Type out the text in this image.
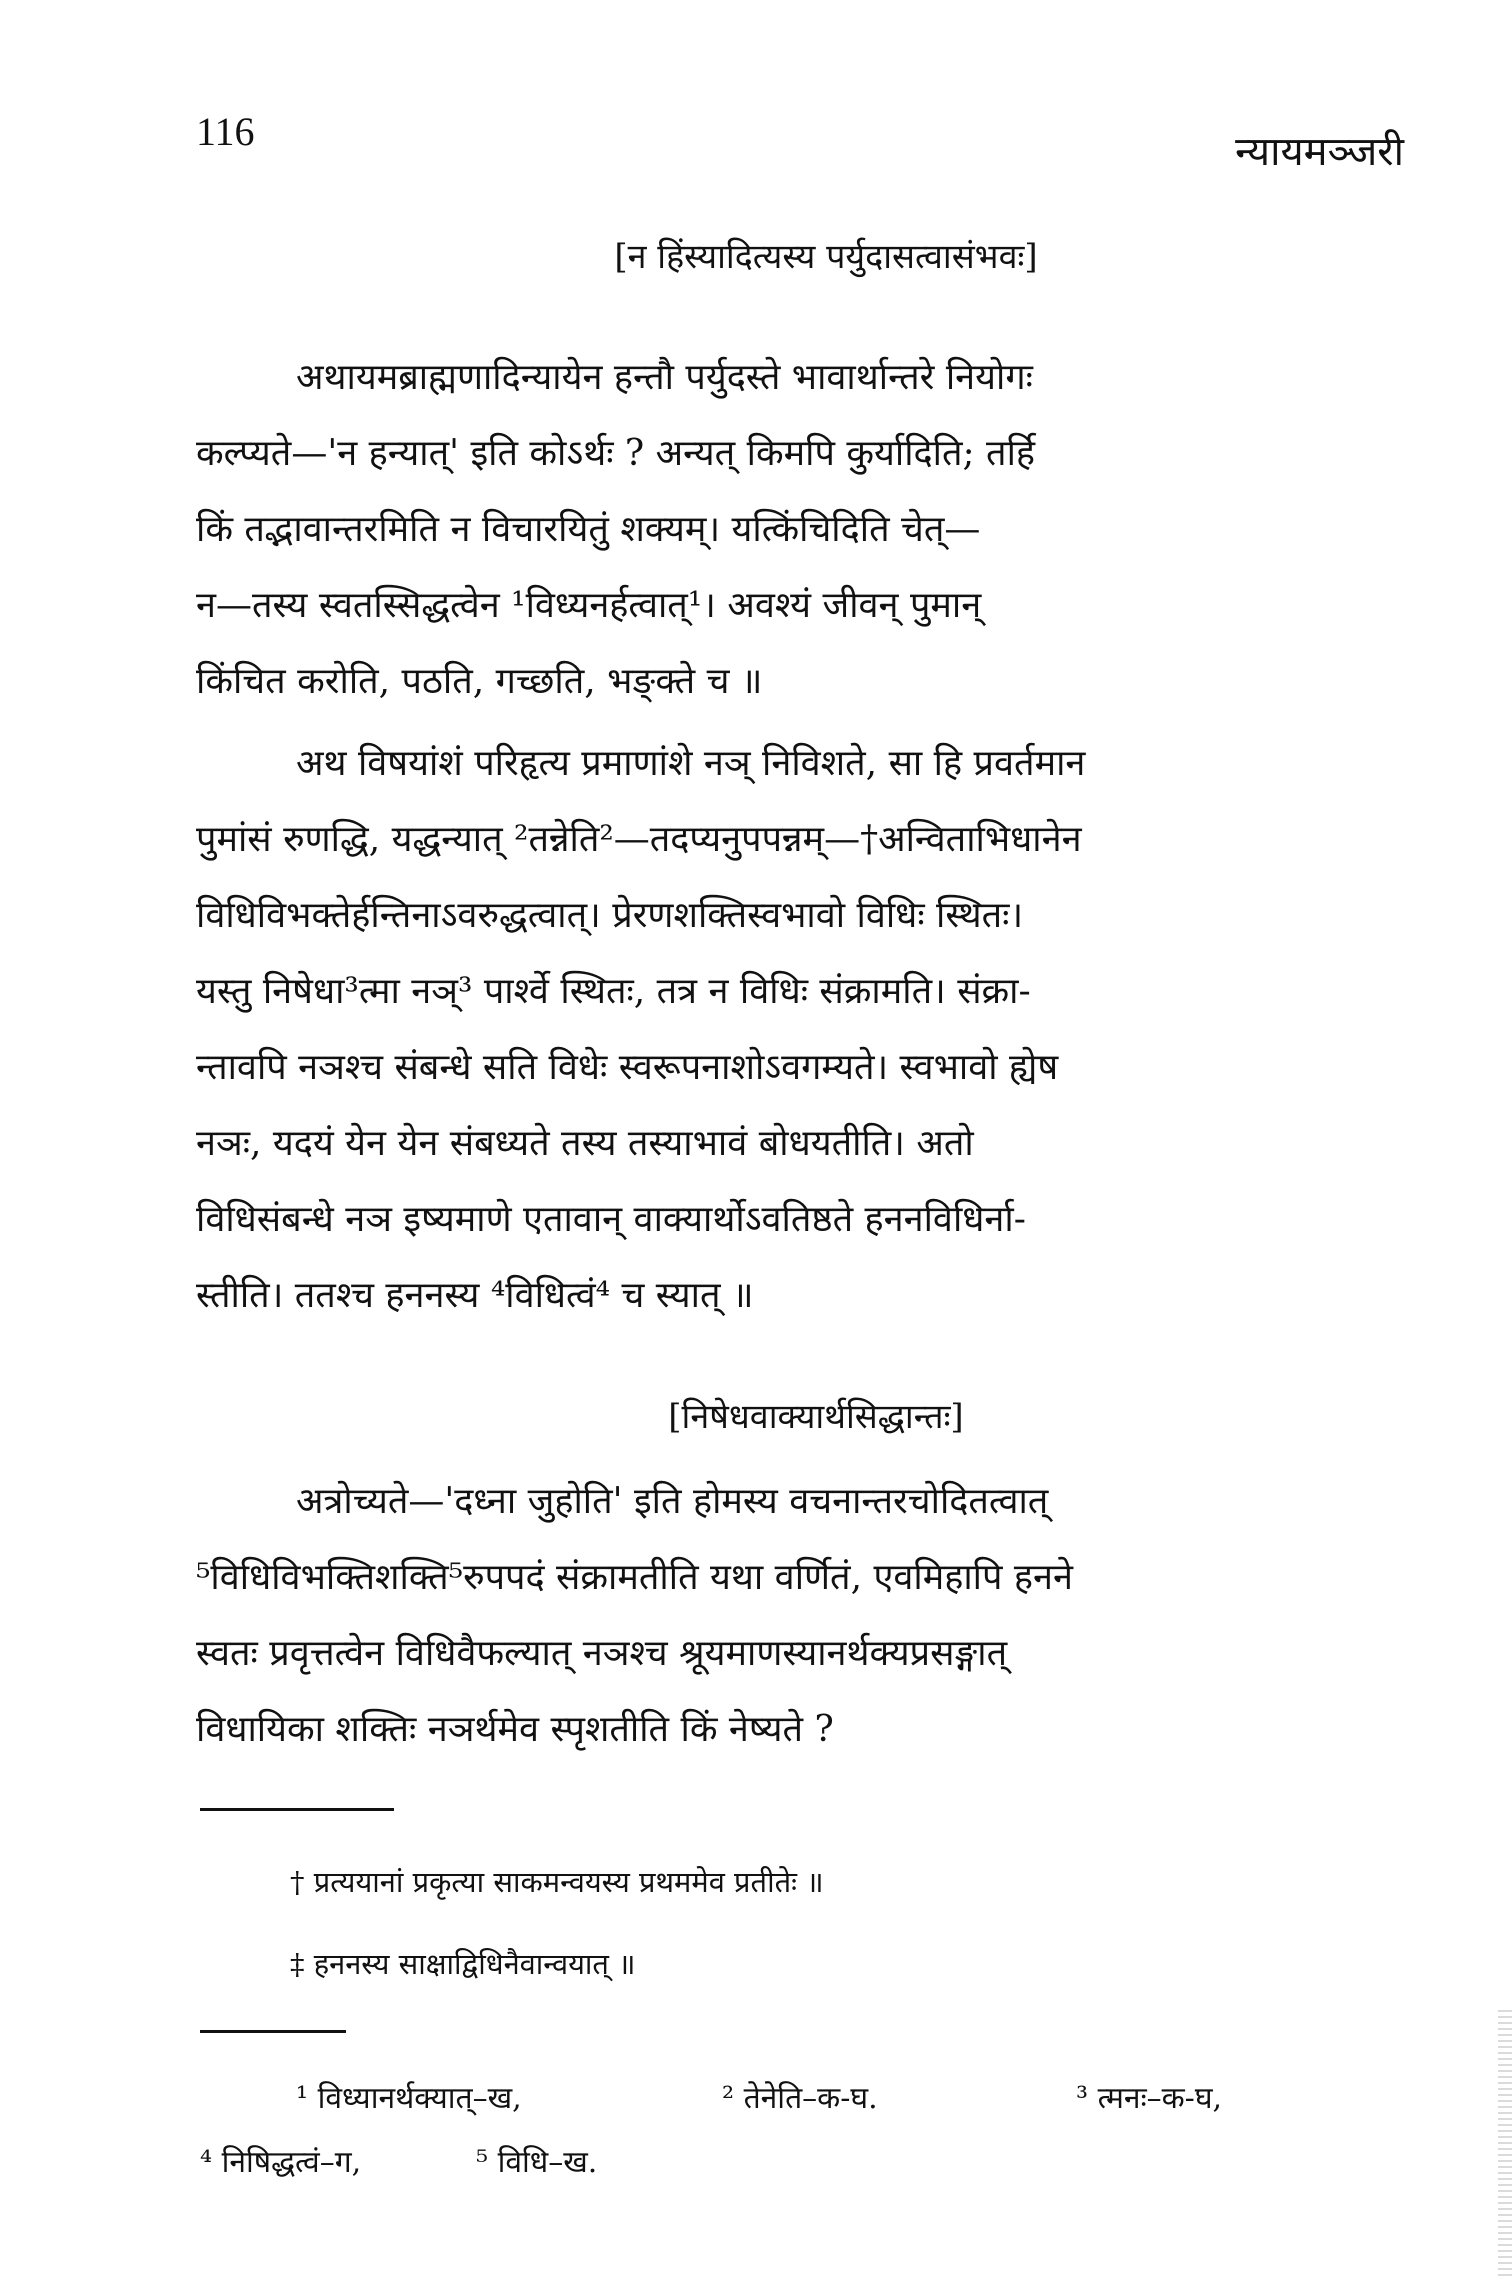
116	न्यायमञ्जरी
[न हिंस्यादित्यस्य पर्युदासत्वासंभवः]
अथायमब्राह्मणादिन्यायेन हन्तौ पर्युदस्ते भावार्थान्तरे नियोगः
कल्प्यते—'न हन्यात्' इति कोऽर्थः ? अन्यत् किमपि कुर्यादिति; तर्हि
किं तद्भावान्तरमिति न विचारयितुं शक्यम्। यत्किंचिदिति चेत्—
न—तस्य स्वतस्सिद्धत्वेन ¹विध्यनर्हत्वात्¹। अवश्यं जीवन् पुमान्
किंचित करोति, पठति, गच्छति, भङ्क्ते च ॥
अथ विषयांशं परिहृत्य प्रमाणांशे नञ् निविशते, सा हि प्रवर्तमान
पुमांसं रुणद्धि, यद्धन्यात् ²तन्नेति²—तदप्यनुपपन्नम्—†अन्विताभिधानेन
विधिविभक्तेर्हन्तिनाऽवरुद्धत्वात्। प्रेरणशक्तिस्वभावो विधिः स्थितः।
यस्तु निषेधा³त्मा नञ्³ पार्श्वे स्थितः, तत्र न विधिः संक्रामति। संक्रा-
न्तावपि नञश्च संबन्धे सति विधेः स्वरूपनाशोऽवगम्यते। स्वभावो ह्येष
नञः, यदयं येन येन संबध्यते तस्य तस्याभावं बोधयतीति। अतो
विधिसंबन्धे नञ इष्यमाणे एतावान् वाक्यार्थोऽवतिष्ठते हननविधिर्ना-
स्तीति। ततश्च हननस्य ⁴विधित्वं⁴ च स्यात् ॥
[निषेधवाक्यार्थसिद्धान्तः]
अत्रोच्यते—'दध्ना जुहोति' इति होमस्य वचनान्तरचोदितत्वात्
⁵विधिविभक्तिशक्ति⁵रुपपदं संक्रामतीति यथा वर्णितं, एवमिहापि हनने
स्वतः प्रवृत्तत्वेन विधिवैफल्यात् नञश्च श्रूयमाणस्यानर्थक्यप्रसङ्गात्
विधायिका शक्तिः नञर्थमेव स्पृशतीति किं नेष्यते ?
† प्रत्ययानां प्रकृत्या साकमन्वयस्य प्रथममेव प्रतीतेः ॥
‡ हननस्य साक्षाद्विधिनैवान्वयात् ॥
¹ विध्यानर्थक्यात्–ख,	² तेनेति–क-घ.	³ त्मनः–क-घ,
⁴ निषिद्धत्वं–ग,	⁵ विधि–ख.
